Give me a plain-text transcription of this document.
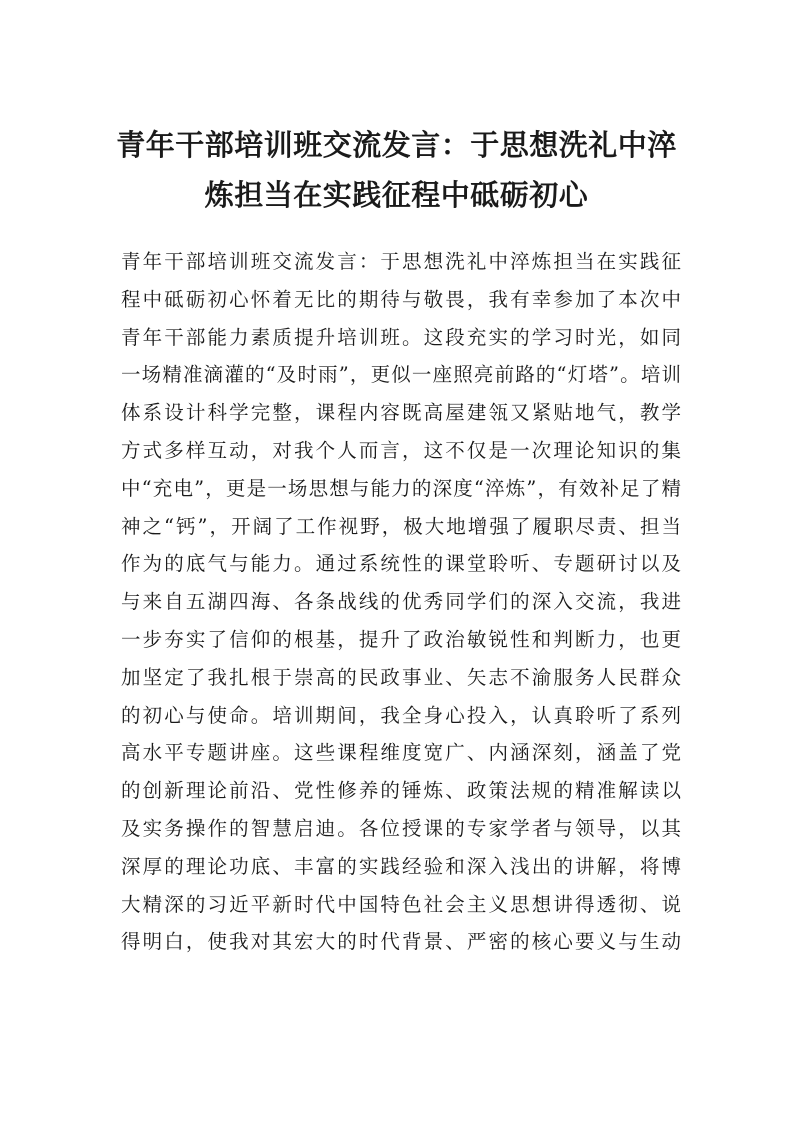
青年干部培训班交流发言：于思想洗礼中淬
炼担当在实践征程中砥砺初心
青年干部培训班交流发言：于思想洗礼中淬炼担当在实践征
程中砥砺初心怀着无比的期待与敬畏，我有幸参加了本次中
青年干部能力素质提升培训班。这段充实的学习时光，如同
一场精准滴灌的“及时雨”，更似一座照亮前路的“灯塔”。培训
体系设计科学完整，课程内容既高屋建瓴又紧贴地气，教学
方式多样互动，对我个人而言，这不仅是一次理论知识的集
中“充电”，更是一场思想与能力的深度“淬炼”，有效补足了精
神之“钙”，开阔了工作视野，极大地增强了履职尽责、担当
作为的底气与能力。通过系统性的课堂聆听、专题研讨以及
与来自五湖四海、各条战线的优秀同学们的深入交流，我进
一步夯实了信仰的根基，提升了政治敏锐性和判断力，也更
加坚定了我扎根于崇高的民政事业、矢志不渝服务人民群众
的初心与使命。培训期间，我全身心投入，认真聆听了系列
高水平专题讲座。这些课程维度宽广、内涵深刻，涵盖了党
的创新理论前沿、党性修养的锤炼、政策法规的精准解读以
及实务操作的智慧启迪。各位授课的专家学者与领导，以其
深厚的理论功底、丰富的实践经验和深入浅出的讲解，将博
大精深的习近平新时代中国特色社会主义思想讲得透彻、说
得明白，使我对其宏大的时代背景、严密的核心要义与生动
